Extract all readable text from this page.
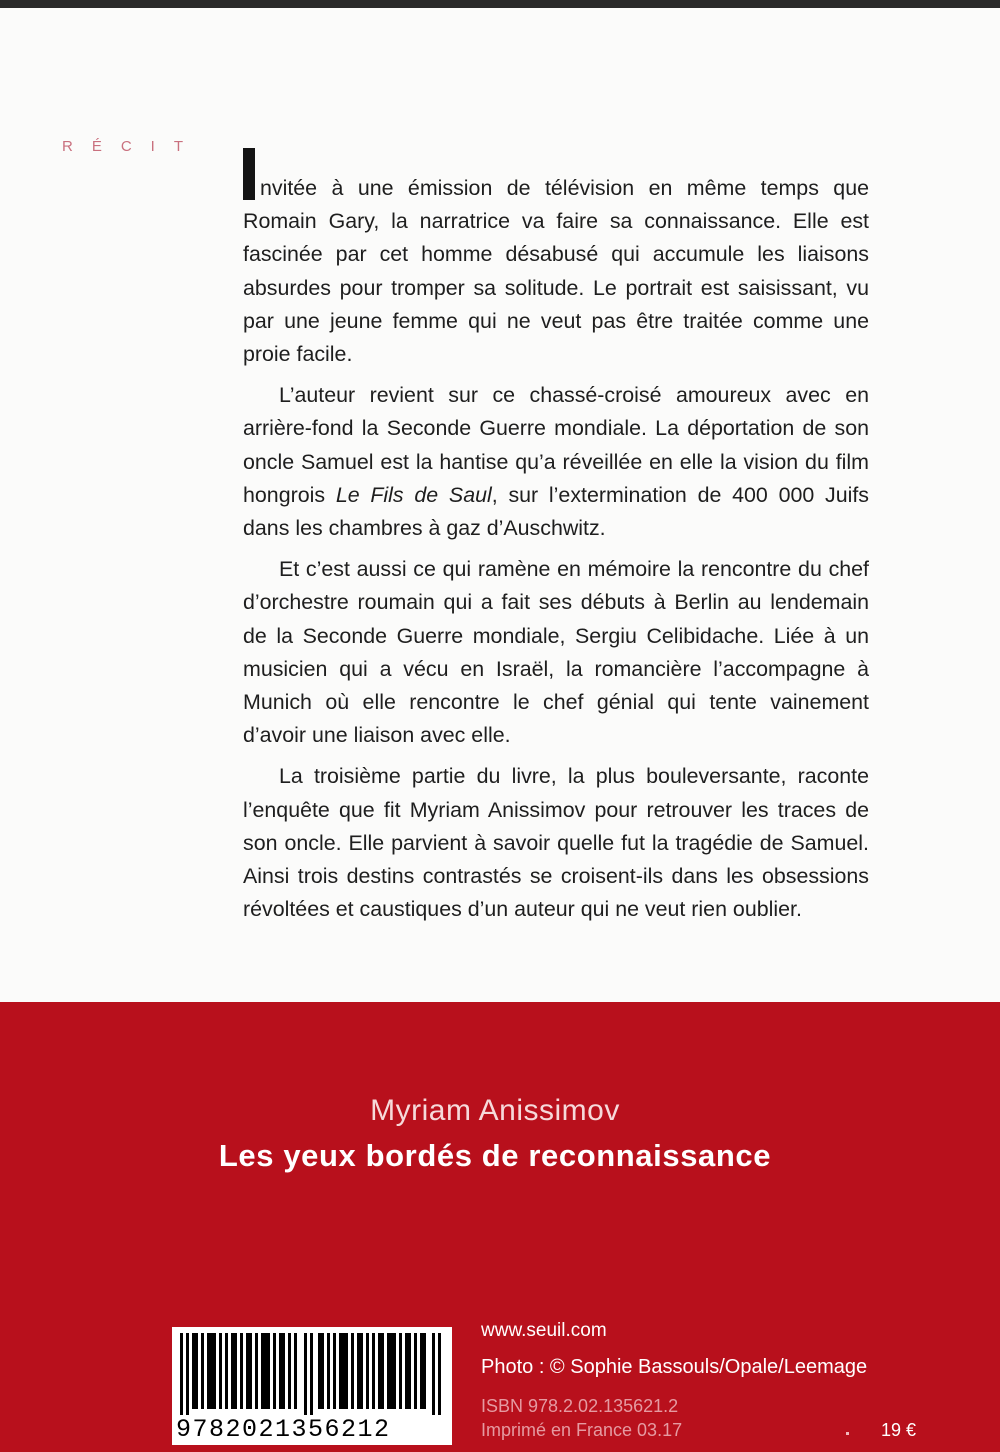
RÉCIT

nvitée à une émission de télévision en même temps que Romain Gary, la narratrice va faire sa connaissance. Elle est fascinée par cet homme désabusé qui accumule les liaisons absurdes pour tromper sa solitude. Le portrait est saisissant, vu par une jeune femme qui ne veut pas être traitée comme une proie facile.

L’auteur revient sur ce chassé-croisé amoureux avec en arrière-fond la Seconde Guerre mondiale. La déportation de son oncle Samuel est la hantise qu’a réveillée en elle la vision du film hongrois Le Fils de Saul, sur l’extermination de 400 000 Juifs dans les chambres à gaz d’Auschwitz.

Et c’est aussi ce qui ramène en mémoire la rencontre du chef d’orchestre roumain qui a fait ses débuts à Berlin au lendemain de la Seconde Guerre mondiale, Sergiu Celibidache. Liée à un musicien qui a vécu en Israël, la romancière l’accompagne à Munich où elle rencontre le chef génial qui tente vainement d’avoir une liaison avec elle.

La troisième partie du livre, la plus bouleversante, raconte l’enquête que fit Myriam Anissimov pour retrouver les traces de son oncle. Elle parvient à savoir quelle fut la tragédie de Samuel. Ainsi trois destins contrastés se croisent-ils dans les obsessions révoltées et caustiques d’un auteur qui ne veut rien oublier.

Myriam Anissimov
Les yeux bordés de reconnaissance
9782021356212
www.seuil.com
Photo : © Sophie Bassouls/Opale/Leemage
ISBN 978.2.02.135621.2
Imprimé en France 03.17	19 €
